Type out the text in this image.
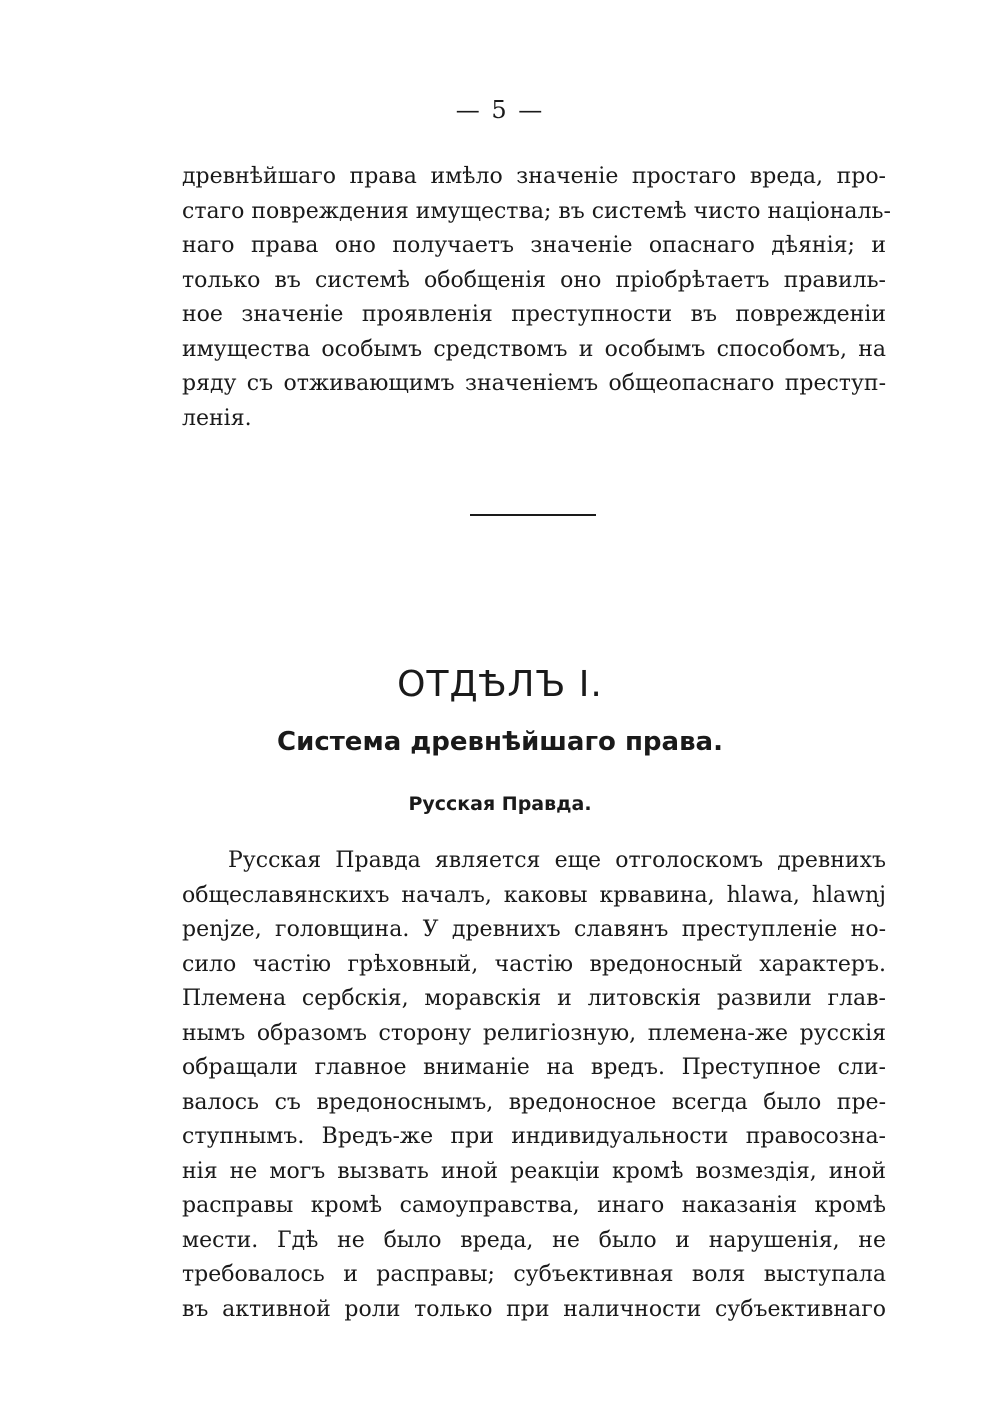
— 5 —
древнѣйшаго права имѣло значеніе простаго вреда, про-
стаго повреждения имущества; въ системѣ чисто національ-
наго права оно получаетъ значеніе опаснаго дѣянія; и
только въ системѣ обобщенія оно пріобрѣтаетъ правиль-
ное значеніе проявленія преступности въ поврежденіи
имущества особымъ средствомъ и особымъ способомъ, на
ряду съ отживающимъ значеніемъ общеопаснаго преступ-
ленія.
ОТДѢЛЪ I.
Система древнѣйшаго права.
Русская Правда.
Русская Правда является еще отголоскомъ древнихъ
общеславянскихъ началъ, каковы крвавина, hlawa, hlawnj
penjze, головщина. У древнихъ славянъ преступленіе но-
сило частію грѣховный, частію вредоносный характеръ.
Племена сербскія, моравскія и литовскія развили глав-
нымъ образомъ сторону религіозную, племена-же русскія
обращали главное вниманіе на вредъ. Преступное сли-
валось съ вредоноснымъ, вредоносное всегда было пре-
ступнымъ. Вредъ-же при индивидуальности правосозна-
нія не могъ вызвать иной реакціи кромѣ возмездія, иной
расправы кромѣ самоуправства, инаго наказанія кромѣ
мести. Гдѣ не было вреда, не было и нарушенія, не
требовалось и расправы; субъективная воля выступала
въ активной роли только при наличности субъективнаго
